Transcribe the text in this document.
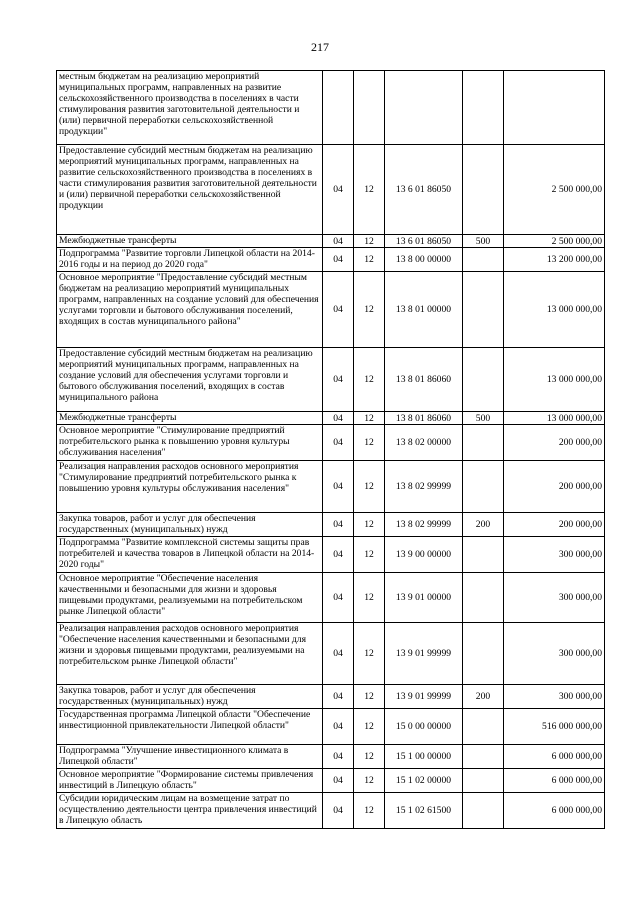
217
местным бюджетам на реализацию мероприятий муниципальных программ, направленных на развитие сельскохозяйственного производства в поселениях в части стимулирования развития заготовительной деятельности и (или) первичной переработки сельскохозяйственной продукции"					
Предоставление субсидий местным бюджетам на реализацию мероприятий муниципальных программ, направленных на развитие сельскохозяйственного производства в поселениях в части стимулирования развития заготовительной деятельности и (или) первичной переработки сельскохозяйственной продукции	04	12	13 6 01 86050		2 500 000,00
Межбюджетные трансферты	04	12	13 6 01 86050	500	2 500 000,00
Подпрограмма "Развитие торговли Липецкой области на 2014-2016 годы и на период до 2020 года"	04	12	13 8 00 00000		13 200 000,00
Основное мероприятие "Предоставление субсидий местным бюджетам на реализацию мероприятий муниципальных программ, направленных на создание условий для обеспечения услугами торговли и бытового обслуживания поселений, входящих в состав муниципального района"	04	12	13 8 01 00000		13 000 000,00
Предоставление субсидий местным бюджетам на реализацию мероприятий муниципальных программ, направленных на создание условий для обеспечения услугами торговли и бытового обслуживания поселений, входящих в состав муниципального района	04	12	13 8 01 86060		13 000 000,00
Межбюджетные трансферты	04	12	13 8 01 86060	500	13 000 000,00
Основное мероприятие "Стимулирование предприятий потребительского рынка к повышению уровня культуры обслуживания населения"	04	12	13 8 02 00000		200 000,00
Реализация направления расходов основного мероприятия "Стимулирование предприятий потребительского рынка к повышению уровня культуры обслуживания населения"	04	12	13 8 02 99999		200 000,00
Закупка товаров, работ и услуг для обеспечения государственных (муниципальных) нужд	04	12	13 8 02 99999	200	200 000,00
Подпрограмма "Развитие комплексной системы защиты прав потребителей и качества товаров в Липецкой области на 2014-2020 годы"	04	12	13 9 00 00000		300 000,00
Основное мероприятие "Обеспечение населения качественными и безопасными для жизни и здоровья пищевыми продуктами, реализуемыми на потребительском рынке Липецкой области"	04	12	13 9 01 00000		300 000,00
Реализация направления расходов основного мероприятия "Обеспечение населения качественными и безопасными для жизни и здоровья пищевыми продуктами, реализуемыми на потребительском рынке Липецкой области"	04	12	13 9 01 99999		300 000,00
Закупка товаров, работ и услуг для обеспечения государственных (муниципальных) нужд	04	12	13 9 01 99999	200	300 000,00
Государственная программа Липецкой области "Обеспечение инвестиционной привлекательности Липецкой области"	04	12	15 0 00 00000		516 000 000,00
Подпрограмма "Улучшение инвестиционного климата в Липецкой области"	04	12	15 1 00 00000		6 000 000,00
Основное мероприятие "Формирование системы привлечения инвестиций в Липецкую область"	04	12	15 1 02 00000		6 000 000,00
Субсидии юридическим лицам на возмещение затрат по осуществлению деятельности центра привлечения инвестиций в Липецкую область	04	12	15 1 02 61500		6 000 000,00
